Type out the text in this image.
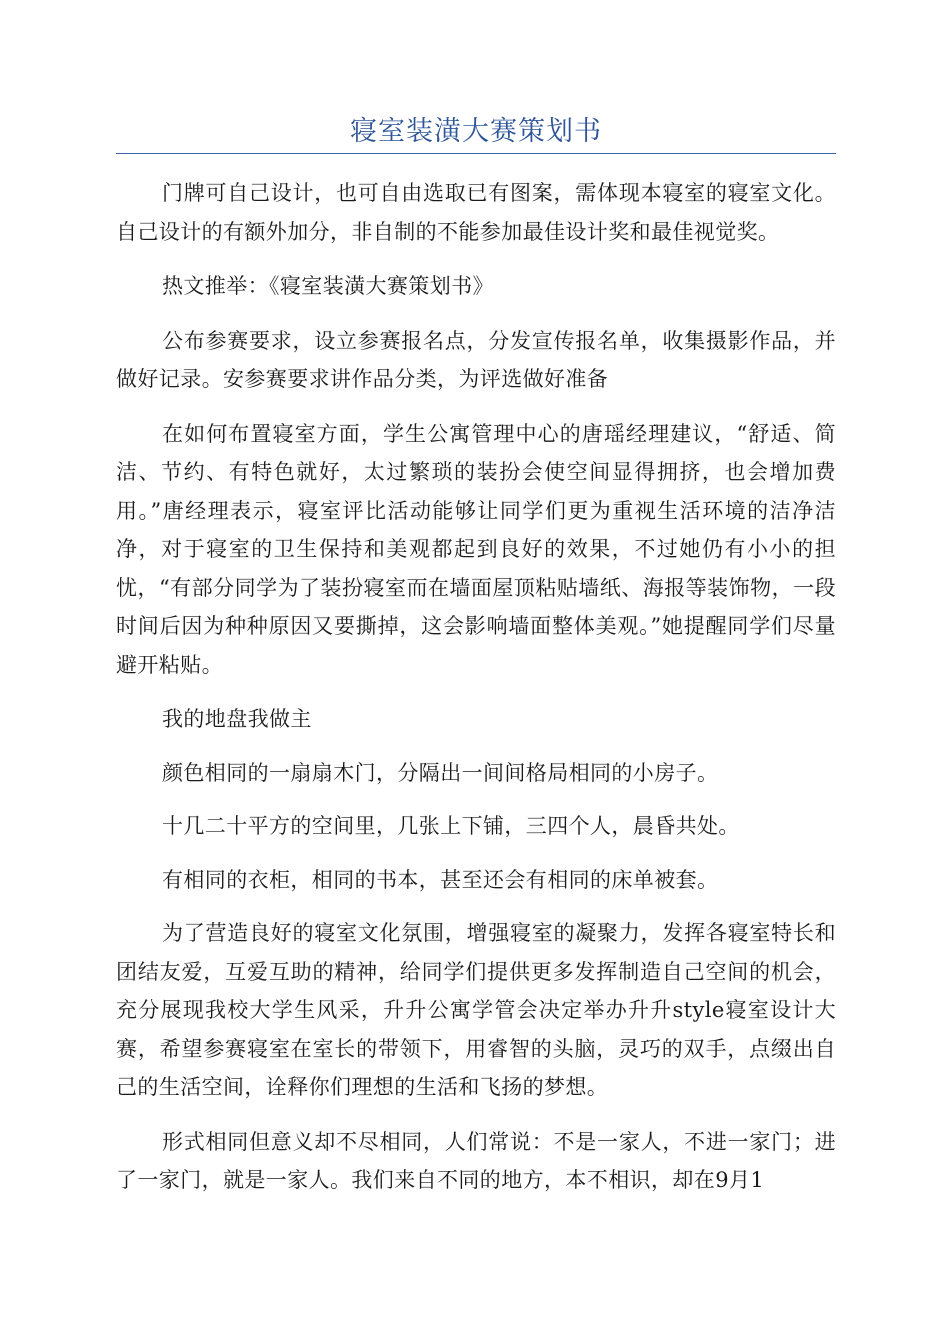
寝室装潢大赛策划书

门牌可自己设计，也可自由选取已有图案，需体现本寝室的寝室文化。自己设计的有额外加分，非自制的不能参加最佳设计奖和最佳视觉奖。

热文推举：《寝室装潢大赛策划书》

公布参赛要求，设立参赛报名点，分发宣传报名单，收集摄影作品，并做好记录。安参赛要求讲作品分类，为评选做好准备

在如何布置寝室方面，学生公寓管理中心的唐瑶经理建议，“舒适、简洁、节约、有特色就好，太过繁琐的装扮会使空间显得拥挤，也会增加费用。”唐经理表示，寝室评比活动能够让同学们更为重视生活环境的洁净洁净，对于寝室的卫生保持和美观都起到良好的效果，不过她仍有小小的担忧，“有部分同学为了装扮寝室而在墙面屋顶粘贴墙纸、海报等装饰物，一段时间后因为种种原因又要撕掉，这会影响墙面整体美观。”她提醒同学们尽量避开粘贴。

我的地盘我做主

颜色相同的一扇扇木门，分隔出一间间格局相同的小房子。

十几二十平方的空间里，几张上下铺，三四个人，晨昏共处。

有相同的衣柜，相同的书本，甚至还会有相同的床单被套。

为了营造良好的寝室文化氛围，增强寝室的凝聚力，发挥各寝室特长和团结友爱，互爱互助的精神，给同学们提供更多发挥制造自己空间的机会，充分展现我校大学生风采，升升公寓学管会决定举办升升style寝室设计大赛，希望参赛寝室在室长的带领下，用睿智的头脑，灵巧的双手，点缀出自己的生活空间，诠释你们理想的生活和飞扬的梦想。

形式相同但意义却不尽相同，人们常说：不是一家人，不进一家门；进了一家门，就是一家人。我们来自不同的地方，本不相识，却在9月1
